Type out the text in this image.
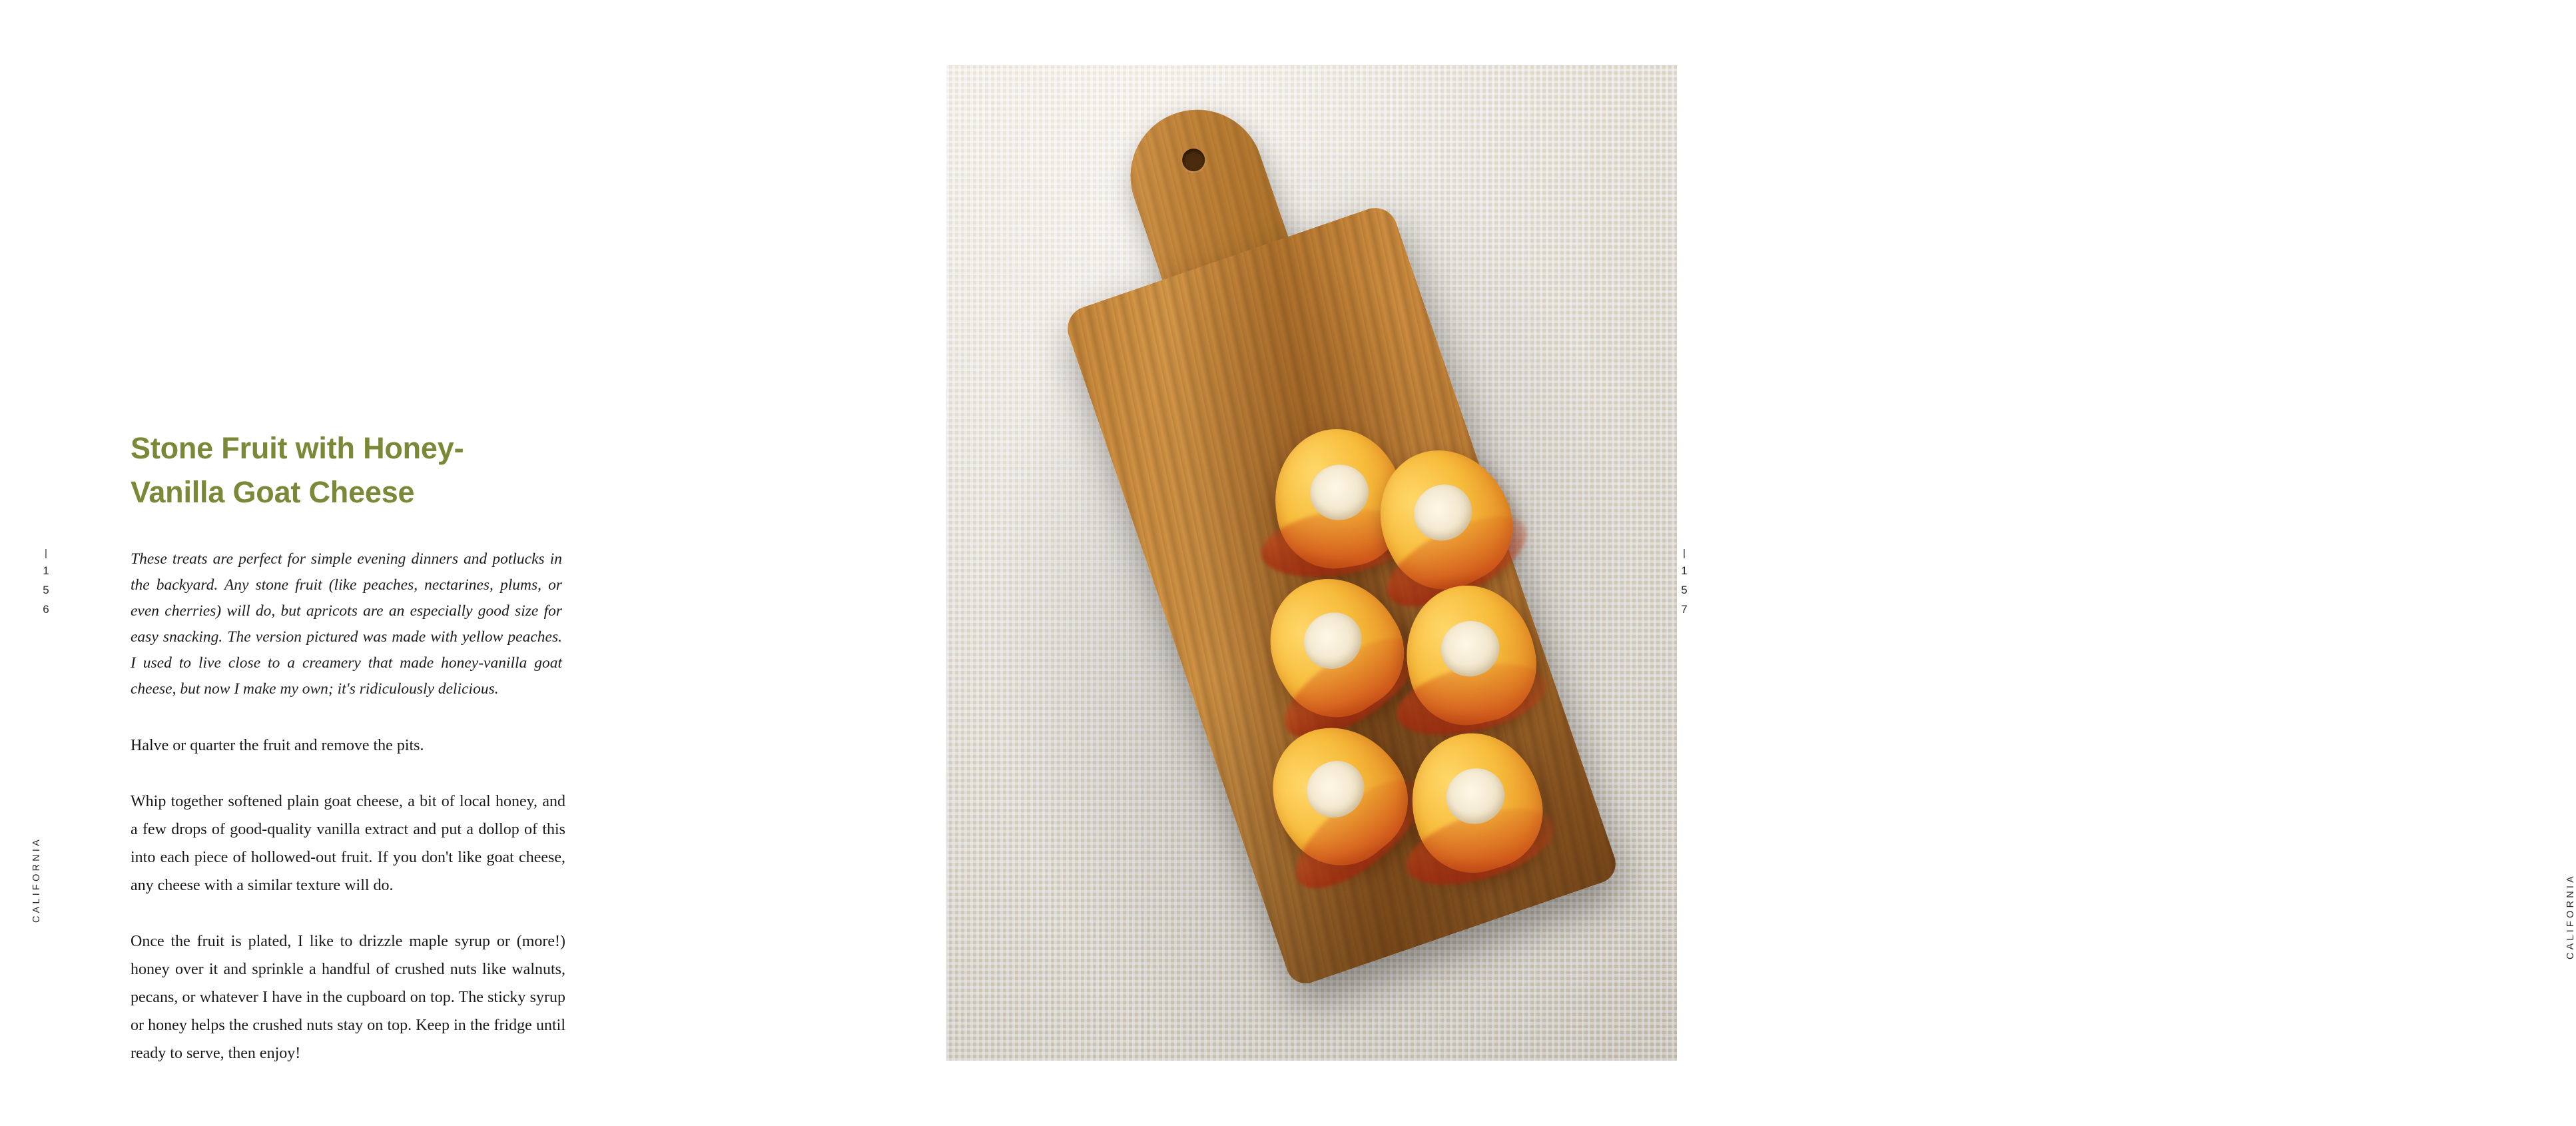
|
1
5
6
CALIFORNIA
Stone Fruit with Honey-Vanilla Goat Cheese

These treats are perfect for simple evening dinners and potlucks in the backyard. Any stone fruit (like peaches, nectarines, plums, or even cherries) will do, but apricots are an especially good size for easy snacking. The version pictured was made with yellow peaches. I used to live close to a creamery that made honey-vanilla goat cheese, but now I make my own; it's ridiculously delicious.

Halve or quarter the fruit and remove the pits.

Whip together softened plain goat cheese, a bit of local honey, and a few drops of good-quality vanilla extract and put a dollop of this into each piece of hollowed-out fruit. If you don't like goat cheese, any cheese with a similar texture will do.

Once the fruit is plated, I like to drizzle maple syrup or (more!) honey over it and sprinkle a handful of crushed nuts like walnuts, pecans, or whatever I have in the cupboard on top. The sticky syrup or honey helps the crushed nuts stay on top. Keep in the fridge until ready to serve, then enjoy!

|
1
5
7
CALIFORNIA
